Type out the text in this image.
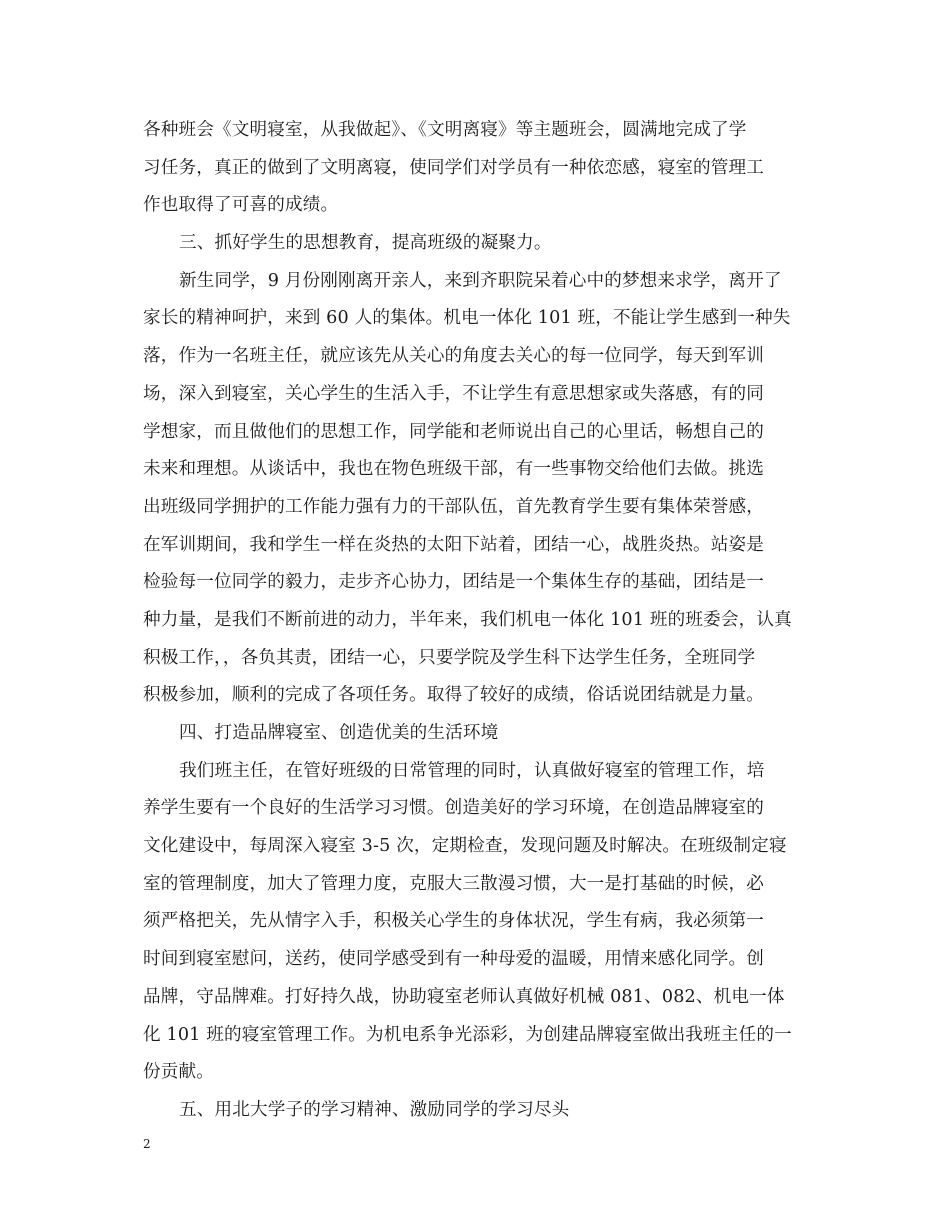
各种班会《文明寝室，从我做起》、《文明离寝》等主题班会，圆满地完成了学
习任务，真正的做到了文明离寝，使同学们对学员有一种依恋感，寝室的管理工
作也取得了可喜的成绩。
三、抓好学生的思想教育，提高班级的凝聚力。
新生同学，9 月份刚刚离开亲人，来到齐职院呆着心中的梦想来求学，离开了
家长的精神呵护，来到 60 人的集体。机电一体化 101 班，不能让学生感到一种失
落，作为一名班主任，就应该先从关心的角度去关心的每一位同学，每天到军训
场，深入到寝室，关心学生的生活入手，不让学生有意思想家或失落感，有的同
学想家，而且做他们的思想工作，同学能和老师说出自己的心里话，畅想自己的
未来和理想。从谈话中，我也在物色班级干部，有一些事物交给他们去做。挑选
出班级同学拥护的工作能力强有力的干部队伍，首先教育学生要有集体荣誉感，
在军训期间，我和学生一样在炎热的太阳下站着，团结一心，战胜炎热。站姿是
检验每一位同学的毅力，走步齐心协力，团结是一个集体生存的基础，团结是一
种力量，是我们不断前进的动力，半年来，我们机电一体化 101 班的班委会，认真
积极工作，，各负其责，团结一心，只要学院及学生科下达学生任务，全班同学
积极参加，顺利的完成了各项任务。取得了较好的成绩，俗话说团结就是力量。
四、打造品牌寝室、创造优美的生活环境
我们班主任，在管好班级的日常管理的同时，认真做好寝室的管理工作，培
养学生要有一个良好的生活学习习惯。创造美好的学习环境，在创造品牌寝室的
文化建设中，每周深入寝室 3-5 次，定期检查，发现问题及时解决。在班级制定寝
室的管理制度，加大了管理力度，克服大三散漫习惯，大一是打基础的时候，必
须严格把关，先从情字入手，积极关心学生的身体状况，学生有病，我必须第一
时间到寝室慰问，送药，使同学感受到有一种母爱的温暖，用情来感化同学。创
品牌，守品牌难。打好持久战，协助寝室老师认真做好机械 081、082、机电一体
化 101 班的寝室管理工作。为机电系争光添彩，为创建品牌寝室做出我班主任的一
份贡献。
五、用北大学子的学习精神、激励同学的学习尽头
2
